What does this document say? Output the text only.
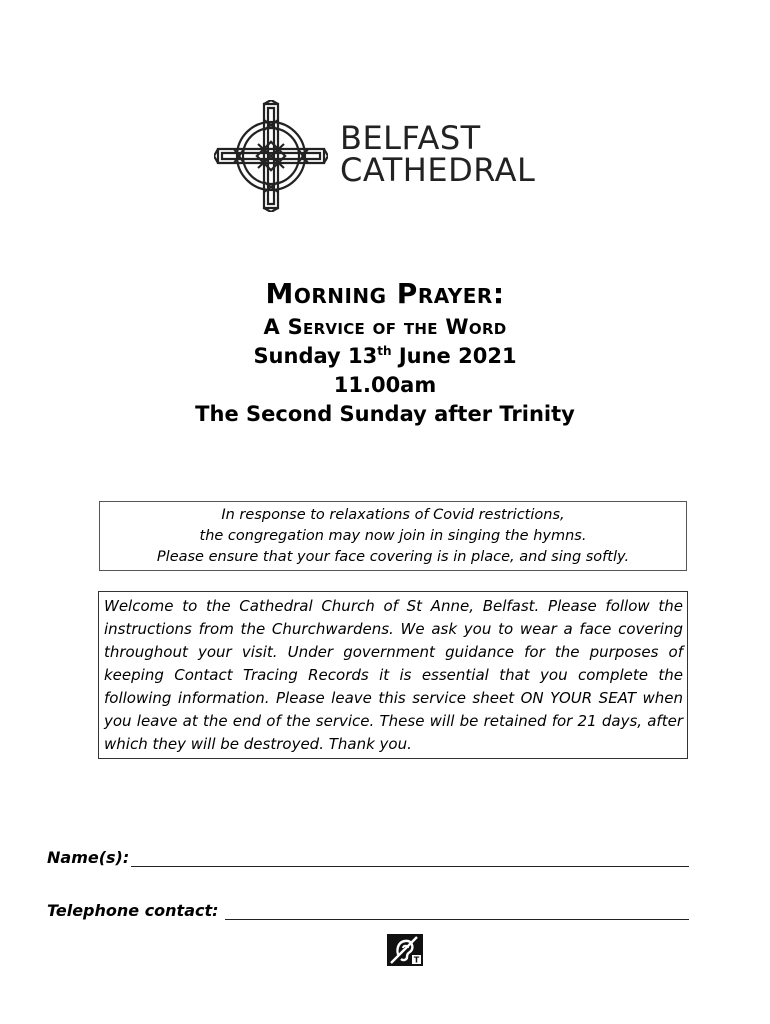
BELFAST
CATHEDRAL
Morning Prayer:
A Service of the Word
Sunday 13th June 2021
11.00am
The Second Sunday after Trinity
In response to relaxations of Covid restrictions,
the congregation may now join in singing the hymns.
Please ensure that your face covering is in place, and sing softly.
Welcome to the Cathedral Church of St Anne, Belfast. Please follow the instructions from the Churchwardens. We ask you to wear a face covering throughout your visit. Under government guidance for the purposes of keeping Contact Tracing Records it is essential that you complete the following information. Please leave this service sheet ON YOUR SEAT when you leave at the end of the service. These will be retained for 21 days, after which they will be destroyed. Thank you.
Name(s):
Telephone contact:
T
